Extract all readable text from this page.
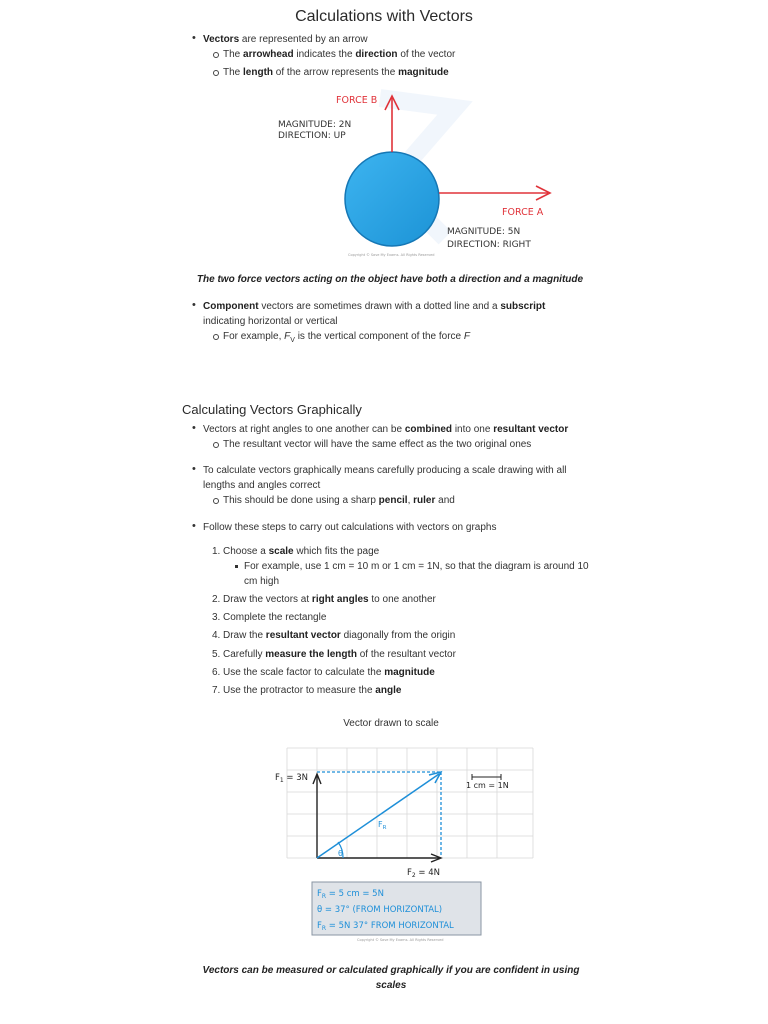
Calculations with Vectors
• Vectors are represented by an arrow
The arrowhead indicates the direction of the vector
The length of the arrow represents the magnitude
FORCE B
MAGNITUDE: 2N
DIRECTION: UP
FORCE A
MAGNITUDE: 5N
DIRECTION: RIGHT
Copyright © Save My Exams. All Rights Reserved
The two force vectors acting on the object have both a direction and a magnitude
• Component vectors are sometimes drawn with a dotted line and a subscript
indicating horizontal or vertical
For example, $F_V$ is the vertical component of the force F
Calculating Vectors Graphically
• Vectors at right angles to one another can be combined into one resultant vector
The resultant vector will have the same effect as the two original ones
• To calculate vectors graphically means carefully producing a scale drawing with all
lengths and angles correct
This should be done using a sharp pencil, ruler and
• Follow these steps to carry out calculations with vectors on graphs
1. Choose a scale which fits the page
For example, use 1 cm = 10 m or 1 cm = 1N, so that the diagram is around 10
cm high
2. Draw the vectors at right angles to one another
3. Complete the rectangle
4. Draw the resultant vector diagonally from the origin
5. Carefully measure the length of the resultant vector
6. Use the scale factor to calculate the magnitude
7. Use the protractor to measure the angle
Vector drawn to scale
θ
$F_R$
$F_1 = 3N$
$F_2 = 4N$
1 cm = 1N
$F_R = 5$ cm = 5N
θ = 37° (FROM HORIZONTAL)
$F_R = 5N$ 37° FROM HORIZONTAL
Copyright © Save My Exams. All Rights Reserved
Vectors can be measured or calculated graphically if you are confident in using
scales
